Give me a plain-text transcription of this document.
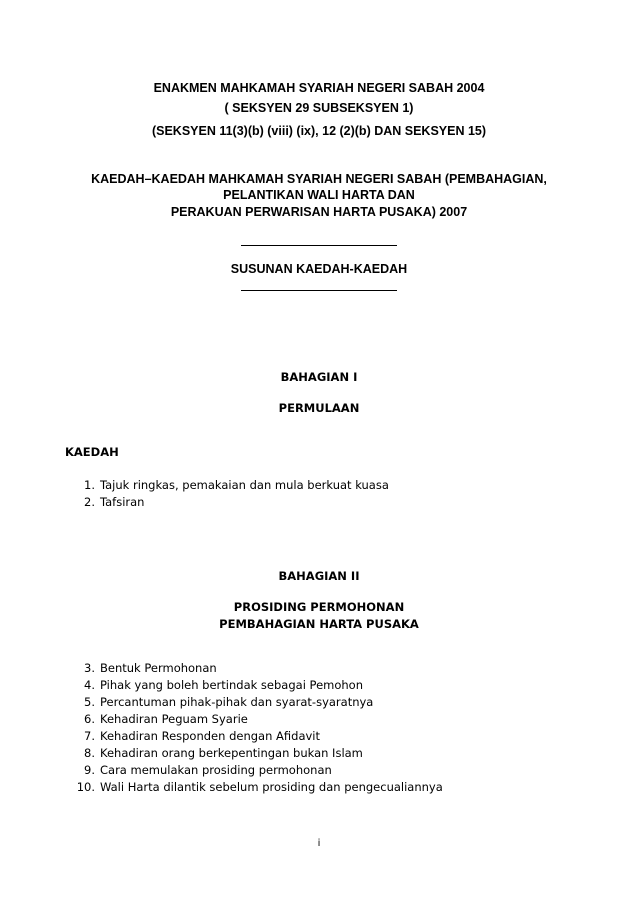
ENAKMEN MAHKAMAH SYARIAH NEGERI SABAH 2004
( SEKSYEN 29 SUBSEKSYEN 1)
(SEKSYEN 11(3)(b) (viii) (ix), 12 (2)(b) DAN SEKSYEN 15)
KAEDAH–KAEDAH MAHKAMAH SYARIAH NEGERI SABAH (PEMBAHAGIAN,
PELANTIKAN WALI HARTA DAN
PERAKUAN PERWARISAN HARTA PUSAKA) 2007
SUSUNAN KAEDAH-KAEDAH
BAHAGIAN I
PERMULAAN
KAEDAH
1. Tajuk ringkas, pemakaian dan mula berkuat kuasa
2. Tafsiran
BAHAGIAN II
PROSIDING PERMOHONAN
PEMBAHAGIAN HARTA PUSAKA
3. Bentuk Permohonan
4. Pihak yang boleh bertindak sebagai Pemohon
5. Percantuman pihak-pihak dan syarat-syaratnya
6. Kehadiran Peguam Syarie
7. Kehadiran Responden dengan Afidavit
8. Kehadiran orang berkepentingan bukan Islam
9. Cara memulakan prosiding permohonan
10. Wali Harta dilantik sebelum prosiding dan pengecualiannya
i
